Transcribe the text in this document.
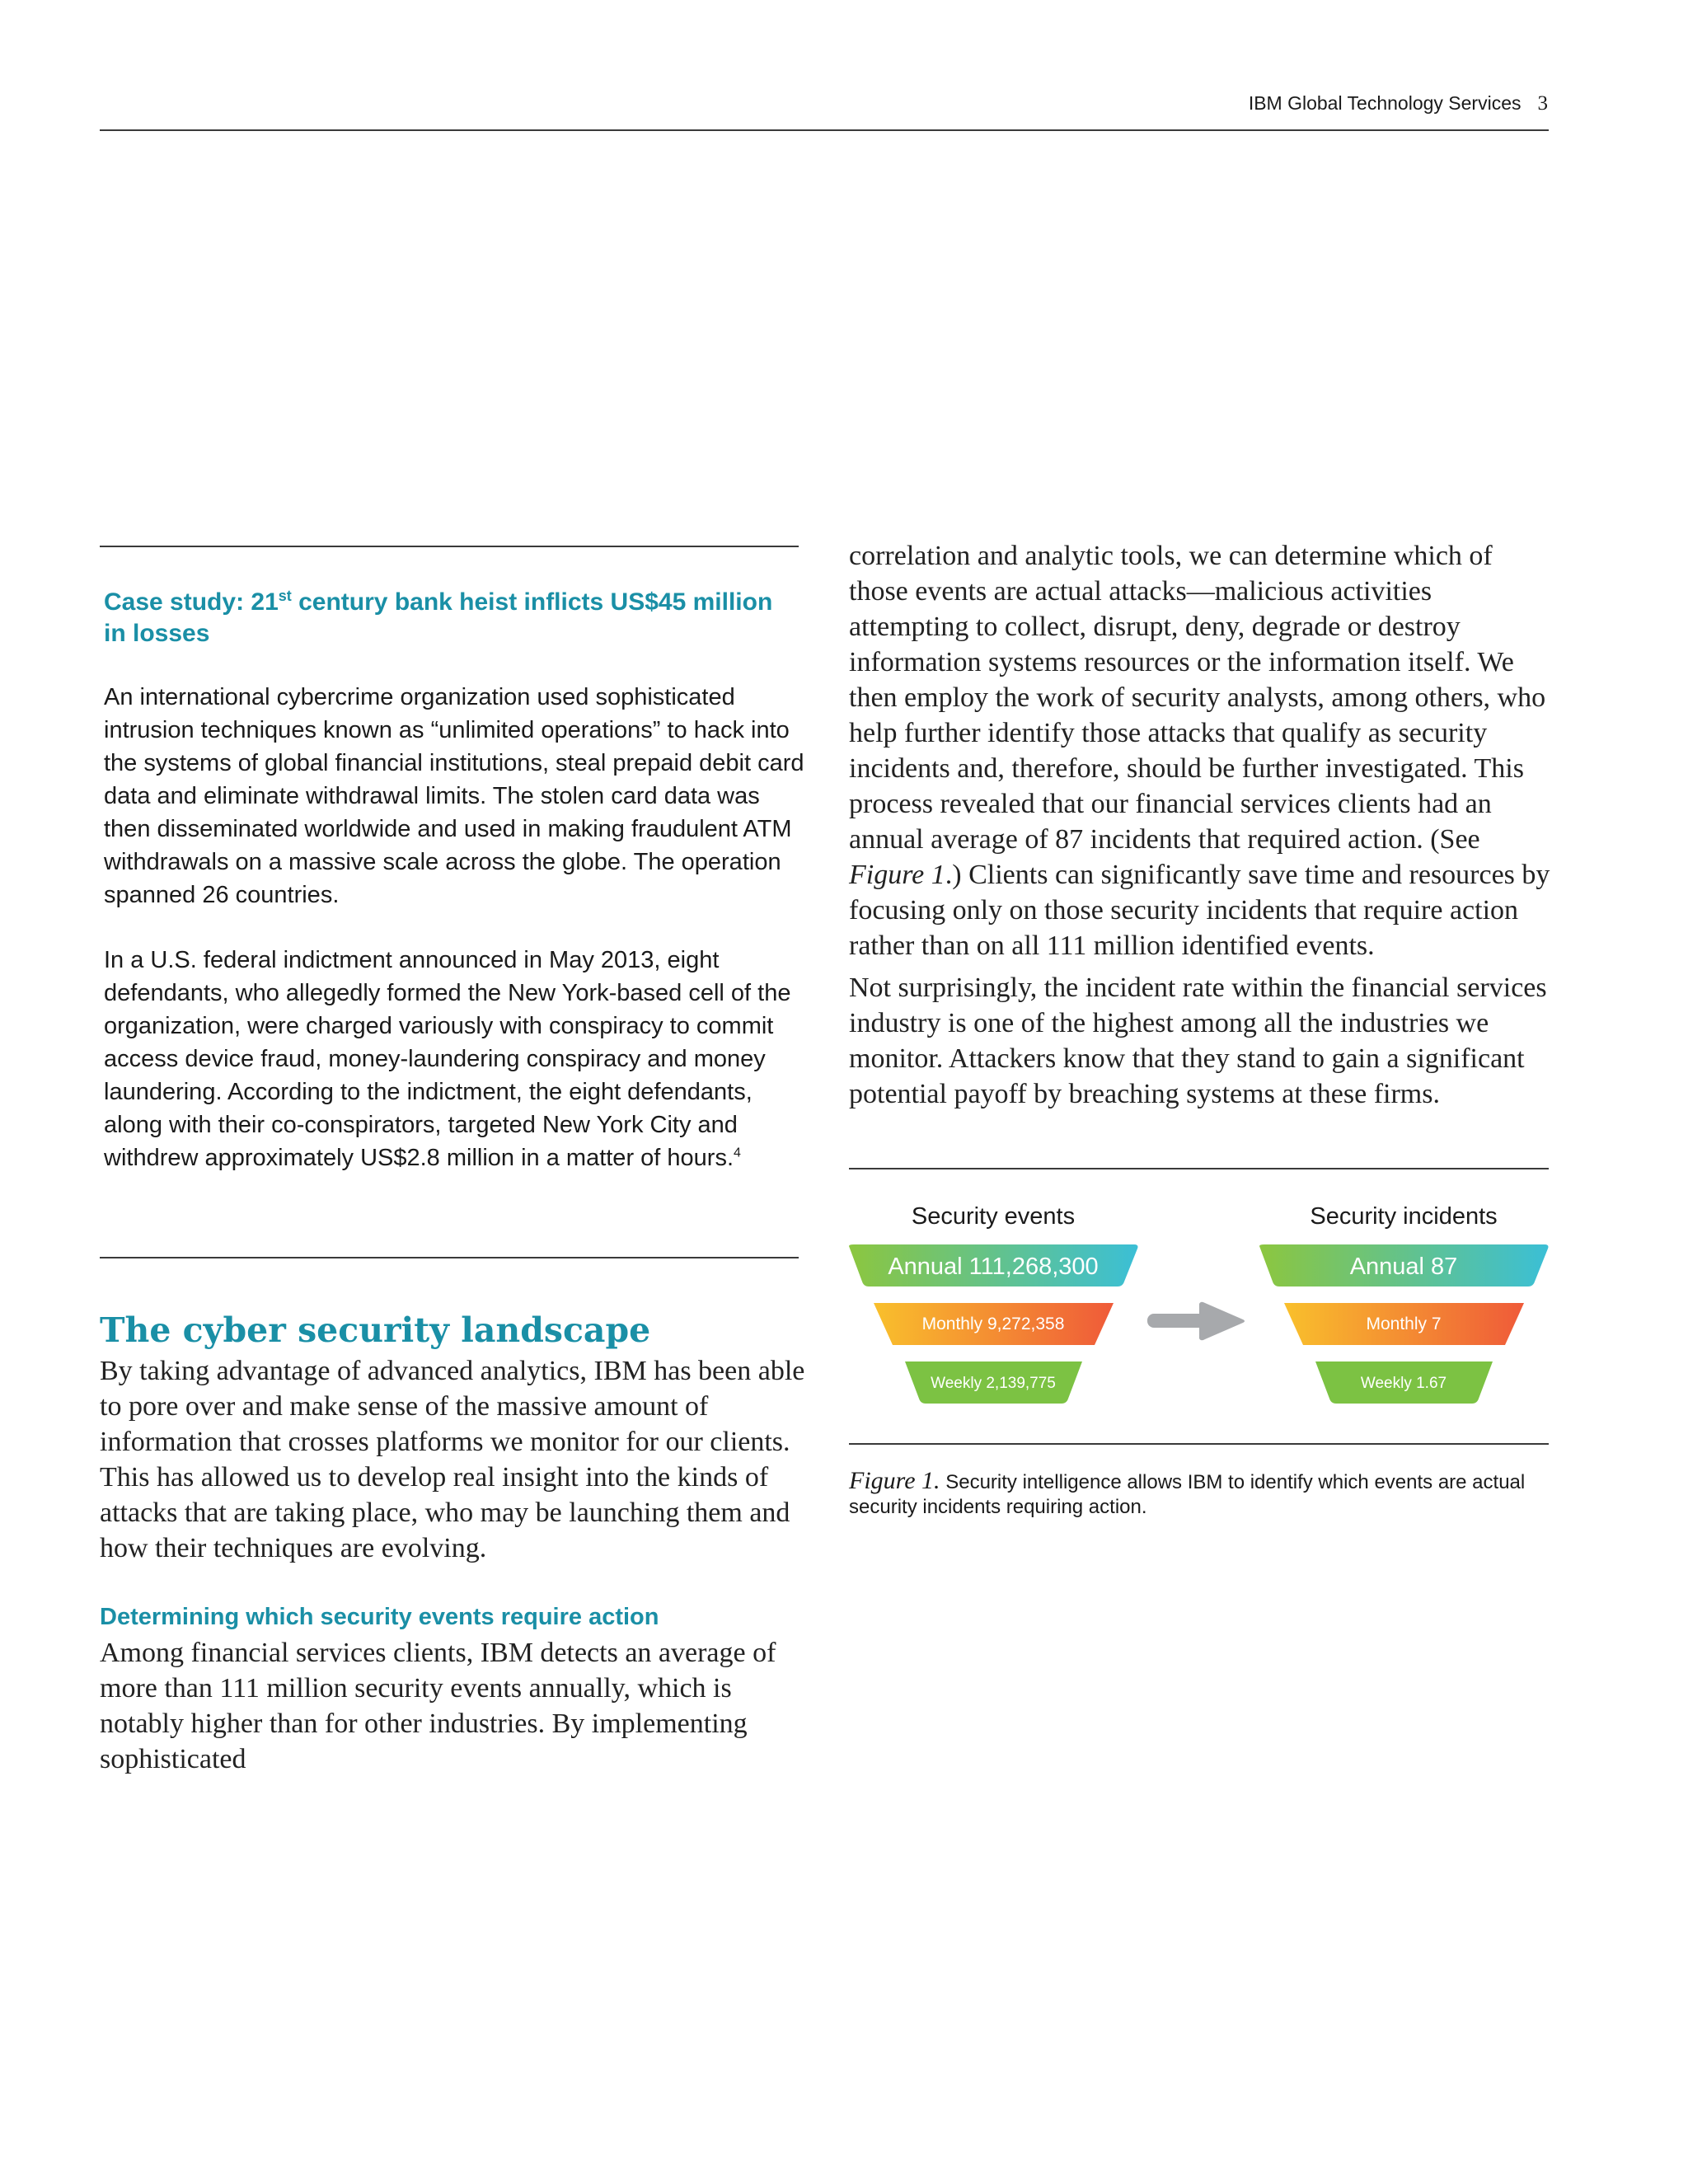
IBM Global Technology Services 3
Case study: 21st century bank heist inflicts US$45 million in losses

An international cybercrime organization used sophisticated intrusion techniques known as “unlimited operations” to hack into the systems of global financial institutions, steal prepaid debit card data and eliminate withdrawal limits. The stolen card data was then disseminated worldwide and used in making fraudulent ATM withdrawals on a massive scale across the globe. The operation spanned 26 countries.

In a U.S. federal indictment announced in May 2013, eight defendants, who allegedly formed the New York-based cell of the organization, were charged variously with conspiracy to commit access device fraud, money-laundering conspiracy and money laundering. According to the indictment, the eight defendants, along with their co-conspirators, targeted New York City and withdrew approximately US$2.8 million in a matter of hours.$^4$

The cyber security landscape

By taking advantage of advanced analytics, IBM has been able to pore over and make sense of the massive amount of information that crosses platforms we monitor for our clients. This has allowed us to develop real insight into the kinds of attacks that are taking place, who may be launching them and how their techniques are evolving.

Determining which security events require action

Among financial services clients, IBM detects an average of more than 111 million security events annually, which is notably higher than for other industries. By implementing sophisticated

correlation and analytic tools, we can determine which of those events are actual attacks—malicious activities attempting to collect, disrupt, deny, degrade or destroy information systems resources or the information itself. We then employ the work of security analysts, among others, who help further identify those attacks that qualify as security incidents and, therefore, should be further investigated. This process revealed that our financial services clients had an annual average of 87 incidents that required action. (See Figure 1.) Clients can significantly save time and resources by focusing only on those security incidents that require action rather than on all 111 million identified events.

Not surprisingly, the incident rate within the financial services industry is one of the highest among all the industries we monitor. Attackers know that they stand to gain a significant potential payoff by breaching systems at these firms.

Security events	Security incidents
Annual 111,268,300
Monthly 9,272,358
Weekly 2,139,775
Annual 87
Monthly 7
Weekly 1.67

Figure 1. Security intelligence allows IBM to identify which events are actual security incidents requiring action.
